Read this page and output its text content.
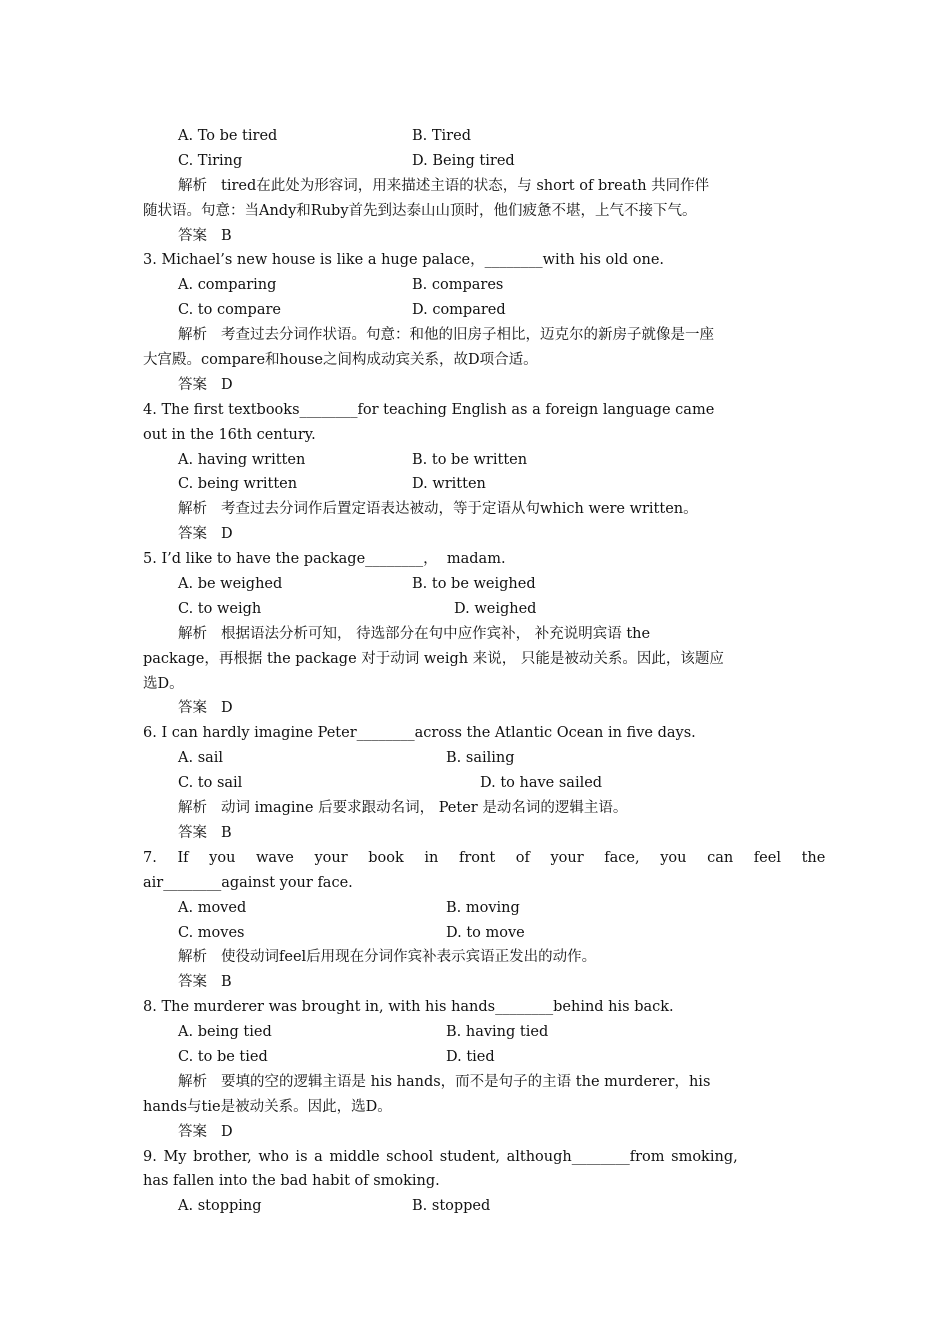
A. To be tired	B. Tired
C. Tiring	D. Being tired
解析 tired在此处为形容词，用来描述主语的状态，与 short of breath 共同作伴
随状语。句意：当Andy和Ruby首先到达泰山山顶时，他们疲惫不堪，上气不接下气。
答案 B
3. Michael’s new house is like a huge palace，________with his old one.
A. comparing	B. compares
C. to compare	D. compared
解析 考查过去分词作状语。句意：和他的旧房子相比，迈克尔的新房子就像是一座
大宫殿。compare和house之间构成动宾关系，故D项合适。
答案 D
4. The first textbooks________for teaching English as a foreign language came
out in the 16th century.
A. having written	B. to be written
C. being written	D. written
解析 考查过去分词作后置定语表达被动，等于定语从句which were written。
答案 D
5. I’d like to have the package________，  madam.
A. be weighed	B. to be weighed
C. to weigh	D. weighed
解析 根据语法分析可知， 待选部分在句中应作宾补， 补充说明宾语 the
package，再根据 the package 对于动词 weigh 来说， 只能是被动关系。因此，该题应
选D。
答案 D
6. I can hardly imagine Peter________across the Atlantic Ocean in five days.
A. sail	B. sailing
C. to sail	D. to have sailed
解析 动词 imagine 后要求跟动名词， Peter 是动名词的逻辑主语。
答案 B
7. If you wave your book in front of your face, you can feel the
air________against your face.
A. moved	B. moving
C. moves	D. to move
解析 使役动词feel后用现在分词作宾补表示宾语正发出的动作。
答案 B
8. The murderer was brought in, with his hands________behind his back.
A. being tied	B. having tied
C. to be tied	D. tied
解析 要填的空的逻辑主语是 his hands，而不是句子的主语 the murderer，his
hands与tie是被动关系。因此，选D。
答案 D
9. My brother, who is a middle school student, although________from smoking,
has fallen into the bad habit of smoking.
A. stopping	B. stopped
